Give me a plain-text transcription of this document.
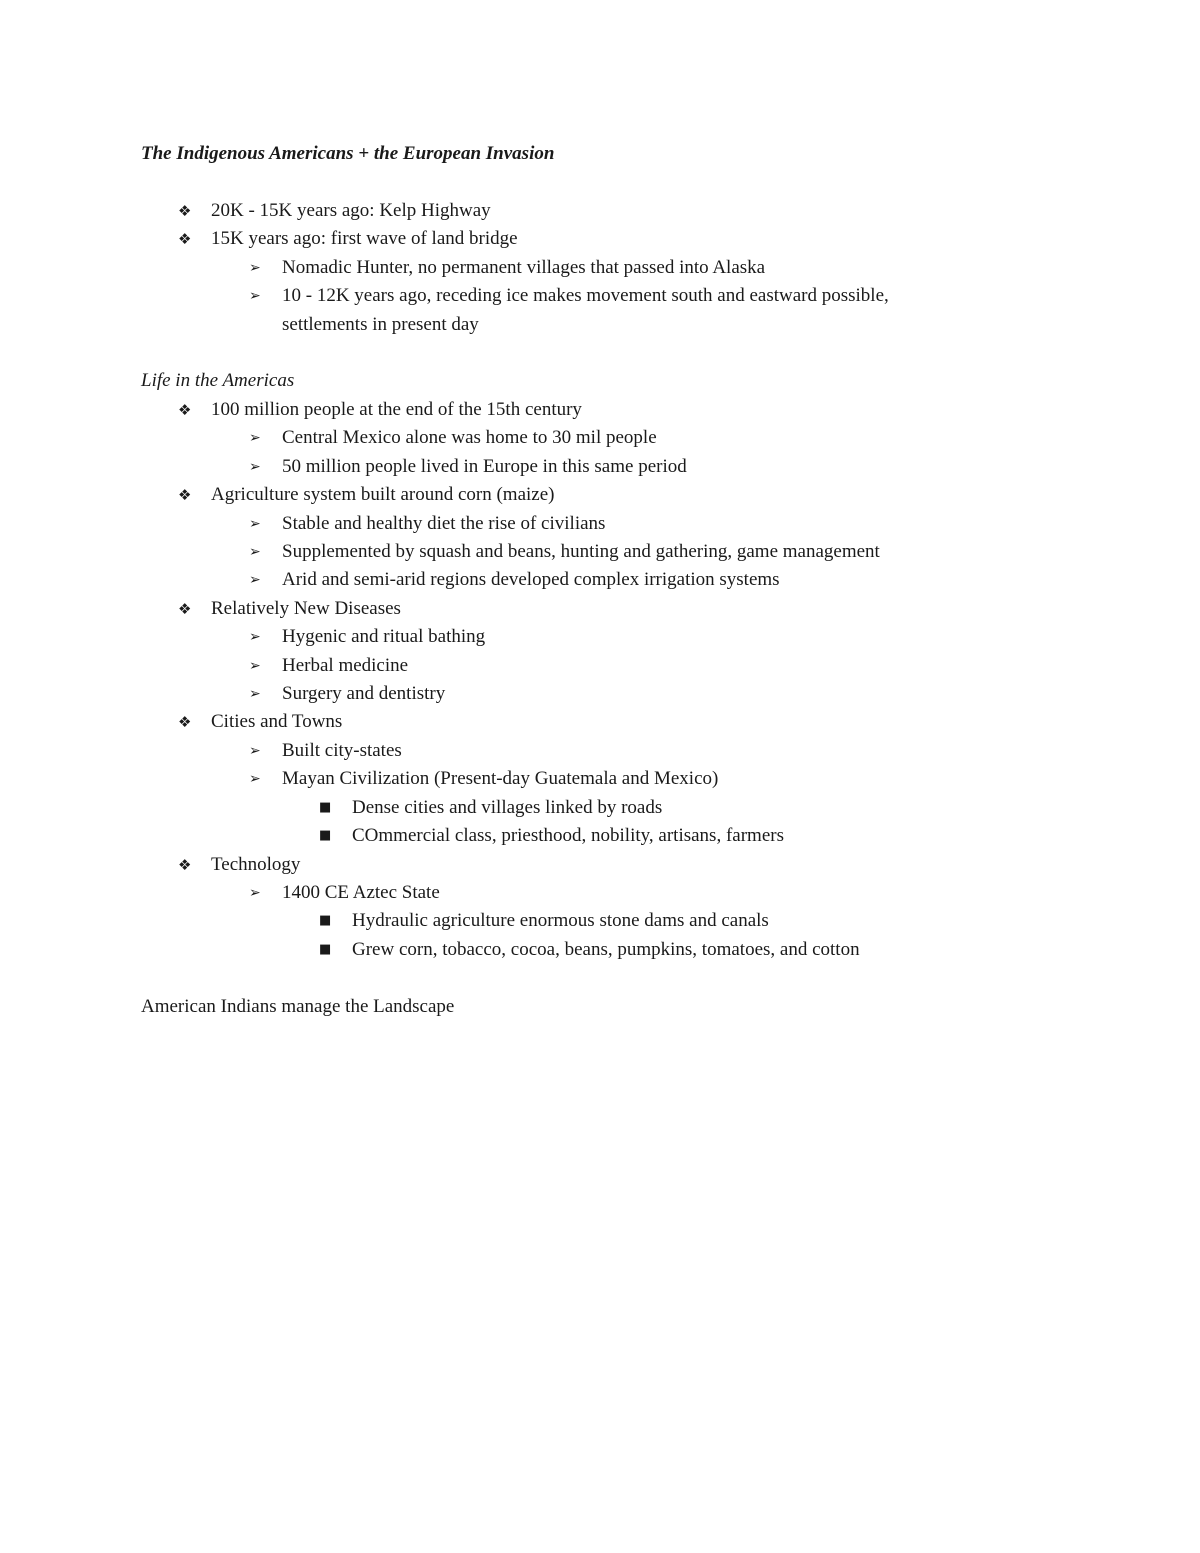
The Indigenous Americans + the European Invasion
❖ 20K - 15K years ago: Kelp Highway
❖ 15K years ago: first wave of land bridge
➢ Nomadic Hunter, no permanent villages that passed into Alaska
➢ 10 - 12K years ago, receding ice makes movement south and eastward possible,
settlements in present day
Life in the Americas
❖ 100 million people at the end of the 15th century
➢ Central Mexico alone was home to 30 mil people
➢ 50 million people lived in Europe in this same period
❖ Agriculture system built around corn (maize)
➢ Stable and healthy diet the rise of civilians
➢ Supplemented by squash and beans, hunting and gathering, game management
➢ Arid and semi-arid regions developed complex irrigation systems
❖ Relatively New Diseases
➢ Hygenic and ritual bathing
➢ Herbal medicine
➢ Surgery and dentistry
❖ Cities and Towns
➢ Built city-states
➢ Mayan Civilization (Present-day Guatemala and Mexico)
■ Dense cities and villages linked by roads
■ COmmercial class, priesthood, nobility, artisans, farmers
❖ Technology
➢ 1400 CE Aztec State
■ Hydraulic agriculture enormous stone dams and canals
■ Grew corn, tobacco, cocoa, beans, pumpkins, tomatoes, and cotton

American Indians manage the Landscape
